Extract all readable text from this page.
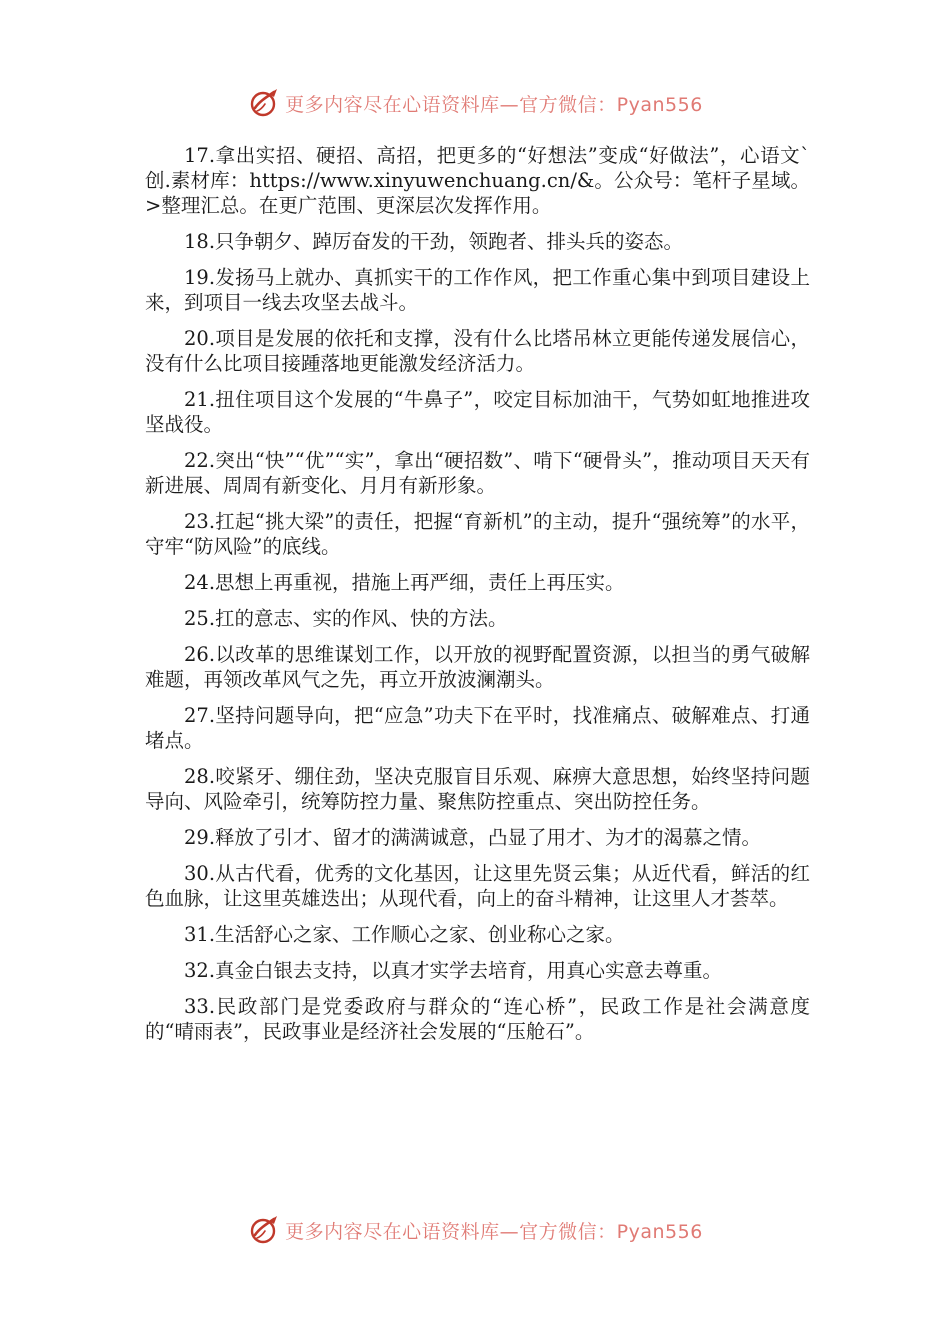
更多内容尽在心语资料库—官方微信：Pyan556

17.拿出实招、硬招、高招，把更多的“好想法”变成“好做法”，心语文`创.素材库：https://www.xinyuwenchuang.cn/&。公众号：笔杆子星域。>整理汇总。在更广范围、更深层次发挥作用。

18.只争朝夕、踔厉奋发的干劲，领跑者、排头兵的姿态。

19.发扬马上就办、真抓实干的工作作风，把工作重心集中到项目建设上来，到项目一线去攻坚去战斗。

20.项目是发展的依托和支撑，没有什么比塔吊林立更能传递发展信心，没有什么比项目接踵落地更能激发经济活力。

21.扭住项目这个发展的“牛鼻子”，咬定目标加油干，气势如虹地推进攻坚战役。

22.突出“快”“优”“实”，拿出“硬招数”、啃下“硬骨头”，推动项目天天有新进展、周周有新变化、月月有新形象。

23.扛起“挑大梁”的责任，把握“育新机”的主动，提升“强统筹”的水平，守牢“防风险”的底线。

24.思想上再重视，措施上再严细，责任上再压实。

25.扛的意志、实的作风、快的方法。

26.以改革的思维谋划工作，以开放的视野配置资源，以担当的勇气破解难题，再领改革风气之先，再立开放波澜潮头。

27.坚持问题导向，把“应急”功夫下在平时，找准痛点、破解难点、打通堵点。

28.咬紧牙、绷住劲，坚决克服盲目乐观、麻痹大意思想，始终坚持问题导向、风险牵引，统筹防控力量、聚焦防控重点、突出防控任务。

29.释放了引才、留才的满满诚意，凸显了用才、为才的渴慕之情。

30.从古代看，优秀的文化基因，让这里先贤云集；从近代看，鲜活的红色血脉，让这里英雄迭出；从现代看，向上的奋斗精神，让这里人才荟萃。

31.生活舒心之家、工作顺心之家、创业称心之家。

32.真金白银去支持，以真才实学去培育，用真心实意去尊重。

33.民政部门是党委政府与群众的“连心桥”，民政工作是社会满意度的“晴雨表”，民政事业是经济社会发展的“压舱石”。

更多内容尽在心语资料库—官方微信：Pyan556
